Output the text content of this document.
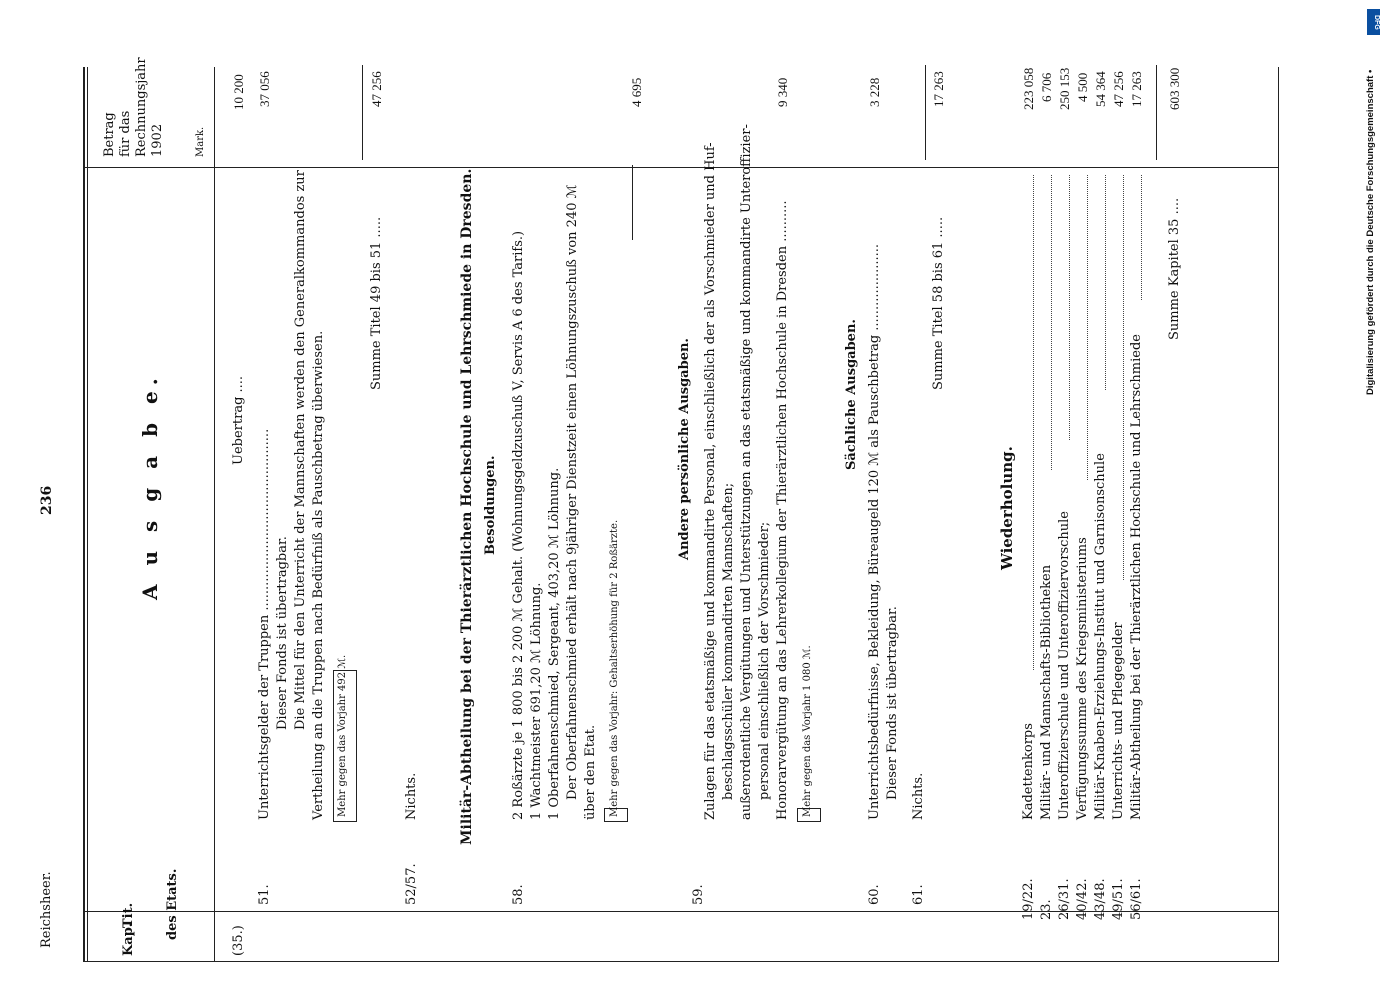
Reichsheer.
236
Kap. des Etats.
Tit.
Betrag für das Rechnungsjahr 1902	Mark.
A u s g a b e.
(35.)
Uebertrag ....
10 200
51.
Unterrichtsgelder der Truppen ............................................ Dieser Fonds ist übertragbar. Die Mittel für den Unterricht der Mannschaften werden den Generalkommandos zur Vertheilung an die Truppen nach Bedürfniß als Pauschbetrag überwiesen. Mehr gegen das Vorjahr 492 ℳ.
37 056
52/57.
Nichts.
Summe Titel 49 bis 51 .....
47 256
Militär-Abtheilung bei der Thierärztlichen Hochschule und Lehrschmiede in Dresden. Besoldungen.
58.
2 Roßärzte je 1 800 bis 2 200 ℳ Gehalt. (Wohnungsgeldzuschuß V, Servis A 6 des Tarifs.) 1 Wachtmeister 691,20 ℳ Löhnung. 1 Oberfahnenschmied, Sergeant, 403,20 ℳ Löhnung. Der Oberfahnenschmied erhält nach 9jähriger Dienstzeit einen Löhnungszuschuß von 240 ℳ über den Etat. Mehr gegen das Vorjahr: Gehaltserhöhung für 2 Roßärzte.
4 695
Andere persönliche Ausgaben.
59.
Zulagen für das etatsmäßige und kommandirte Personal, einschließlich der als Vorschmieder und Huf- beschlagsschüler kommandirten Mannschaften; außerordentliche Vergütungen und Unterstützungen an das etatsmäßige und kommandirte Unteroffizier- personal einschließlich der Vorschmieder; Honorarvergütung an das Lehrerkollegium der Thierärztlichen Hochschule in Dresden .......... Mehr gegen das Vorjahr 1 080 ℳ.
9 340
Sächliche Ausgaben.
60.
Unterrichtsbedürfnisse, Bekleidung, Büreaugeld 120 ℳ als Pauschbetrag ..................... Dieser Fonds ist übertragbar.
3 228
61.
Nichts.
Summe Titel 58 bis 61 .....
17 263
Wiederholung.
19/22.
Kadettenkorps
223 058
23.
Militär- und Mannschafts-Bibliotheken
6 706
26/31.
Unteroffizierschule und Unteroffiziervorschule
250 153
40/42.
Verfügungssumme des Kriegsministeriums
4 500
43/48.
Militär-Knaben-Erziehungs-Institut und Garnisonschule
54 364
49/51.
Unterrichts- und Pflegegelder
47 256
56/61.
Militär-Abtheilung bei der Thierärztlichen Hochschule und Lehrschmiede
17 263
Summe Kapitel 35 ....
603 300
DFG
Digitalisierung gefördert durch die Deutsche Forschungsgemeinschaft •
